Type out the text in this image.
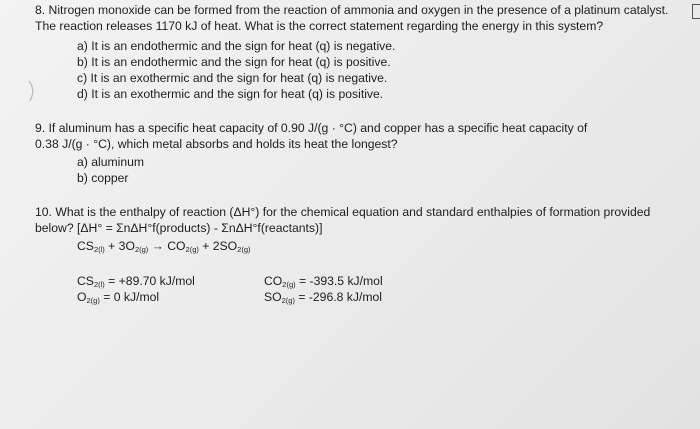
8. Nitrogen monoxide can be formed from the reaction of ammonia and oxygen in the presence of a platinum catalyst.
The reaction releases 1170 kJ of heat. What is the correct statement regarding the energy in this system?
a) It is an endothermic and the sign for heat (q) is negative.
b) It is an endothermic and the sign for heat (q) is positive.
c) It is an exothermic and the sign for heat (q) is negative.
d) It is an exothermic and the sign for heat (q) is positive.
9. If aluminum has a specific heat capacity of 0.90 J/(g · °C) and copper has a specific heat capacity of
0.38 J/(g · °C), which metal absorbs and holds its heat the longest?
a) aluminum
b) copper
10. What is the enthalpy of reaction (ΔH°) for the chemical equation and standard enthalpies of formation provided
below? [ΔH° = ΣnΔH°f(products) - ΣnΔH°f(reactants)]
$CS_{2(l)} + 3O_{2(g)} \to CO_{2(g)} + 2SO_{2(g)}$
$CS_{2(l)} = +89.70$ kJ/mol
$O_{2(g)} = 0$ kJ/mol
$CO_{2(g)} = -393.5$ kJ/mol
$SO_{2(g)} = -296.8$ kJ/mol
